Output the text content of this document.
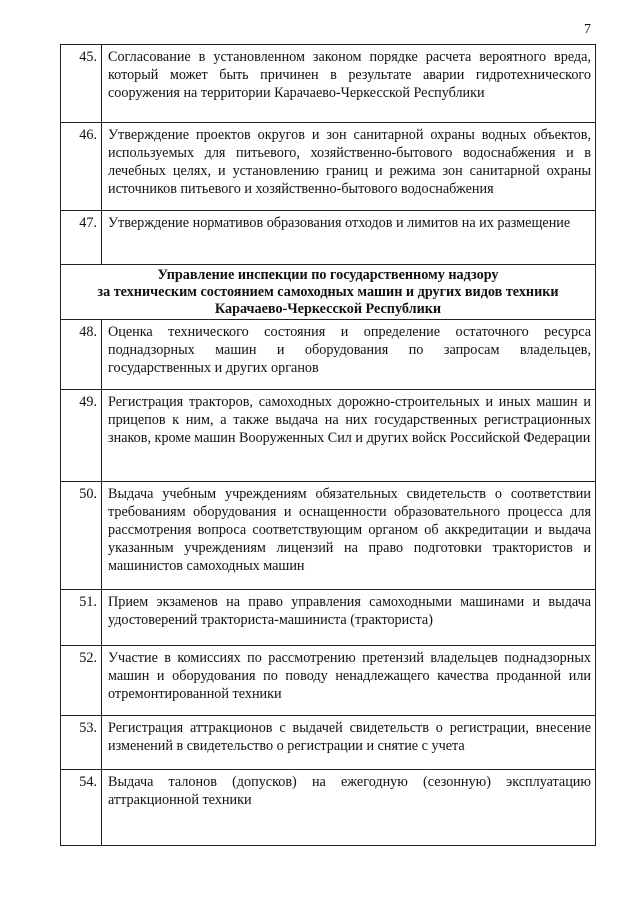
7
45.	Согласование в установленном законом порядке расчета вероятного вреда, который может быть причинен в результате аварии гидротехнического сооружения на территории Карачаево-Черкесской Республики
46.	Утверждение проектов округов и зон санитарной охраны водных объектов, используемых для питьевого, хозяйственно-бытового водоснабжения и в лечебных целях, и установлению границ и режима зон санитарной охраны источников питьевого и хозяйственно-бытового водоснабжения
47.	Утверждение нормативов образования отходов и лимитов на их размещение

Управление инспекции по государственному надзору
за техническим состоянием самоходных машин и других видов техники
Карачаево-Черкесской Республики	

48.	Оценка технического состояния и определение остаточного ресурса поднадзорных машин и оборудования по запросам владельцев, государственных и других органов
49.	Регистрация тракторов, самоходных дорожно-строительных и иных машин и прицепов к ним, а также выдача на них государственных регистрационных знаков, кроме машин Вооруженных Сил и других войск Российской Федерации
50.	Выдача учебным учреждениям обязательных свидетельств о соответствии требованиям оборудования и оснащенности образовательного процесса для рассмотрения вопроса соответствующим органом об аккредитации и выдача указанным учреждениям лицензий на право подготовки трактористов и машинистов самоходных машин
51.	Прием экзаменов на право управления самоходными машинами и выдача удостоверений тракториста-машиниста (тракториста)
52.	Участие в комиссиях по рассмотрению претензий владельцев поднадзорных машин и оборудования по поводу ненадлежащего качества проданной или отремонтированной техники
53.	Регистрация аттракционов с выдачей свидетельств о регистрации, внесение изменений в свидетельство о регистрации и снятие с учета
54.	Выдача талонов (допусков) на ежегодную (сезонную) эксплуатацию аттракционной техники
